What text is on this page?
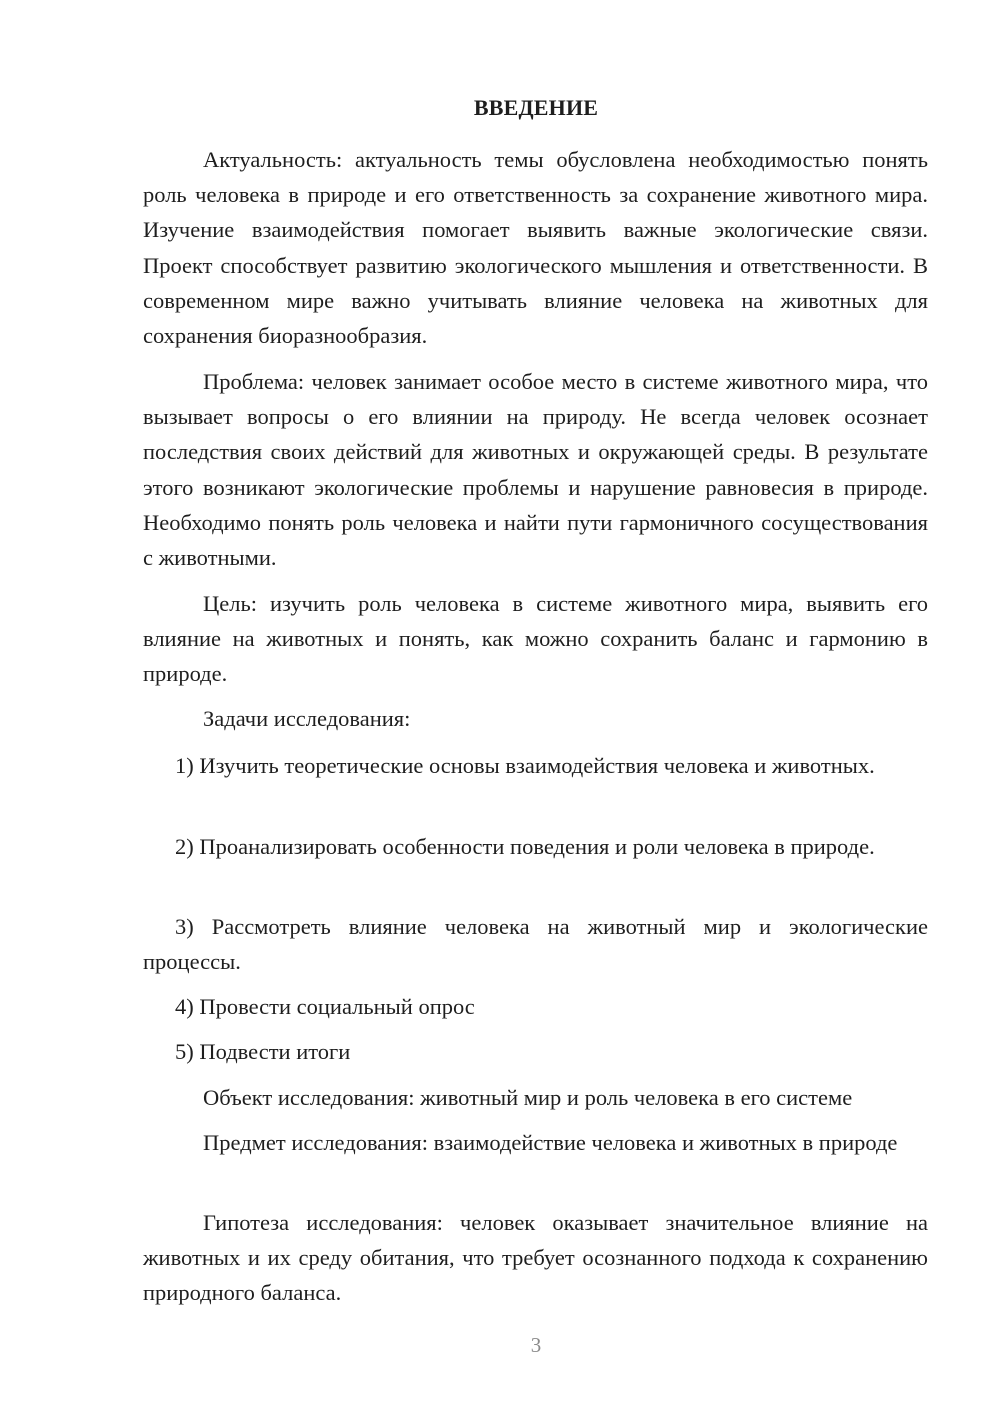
ВВЕДЕНИЕ
Актуальность: актуальность темы обусловлена необходимостью понять роль человека в природе и его ответственность за сохранение животного мира. Изучение взаимодействия помогает выявить важные экологические связи. Проект способствует развитию экологического мышления и ответственности. В современном мире важно учитывать влияние человека на животных для сохранения биоразнообразия.
Проблема: человек занимает особое место в системе животного мира, что вызывает вопросы о его влиянии на природу. Не всегда человек осознает последствия своих действий для животных и окружающей среды. В результате этого возникают экологические проблемы и нарушение равновесия в природе. Необходимо понять роль человека и найти пути гармоничного сосуществования с животными.
Цель: изучить роль человека в системе животного мира, выявить его влияние на животных и понять, как можно сохранить баланс и гармонию в природе.
Задачи исследования:
1) Изучить теоретические основы взаимодействия человека и животных.
2) Проанализировать особенности поведения и роли человека в природе.
3) Рассмотреть влияние человека на животный мир и экологические процессы.
4) Провести социальный опрос
5) Подвести итоги
Объект исследования: животный мир и роль человека в его системе
Предмет исследования: взаимодействие человека и животных в природе
Гипотеза исследования: человек оказывает значительное влияние на животных и их среду обитания, что требует осознанного подхода к сохранению природного баланса.
3
